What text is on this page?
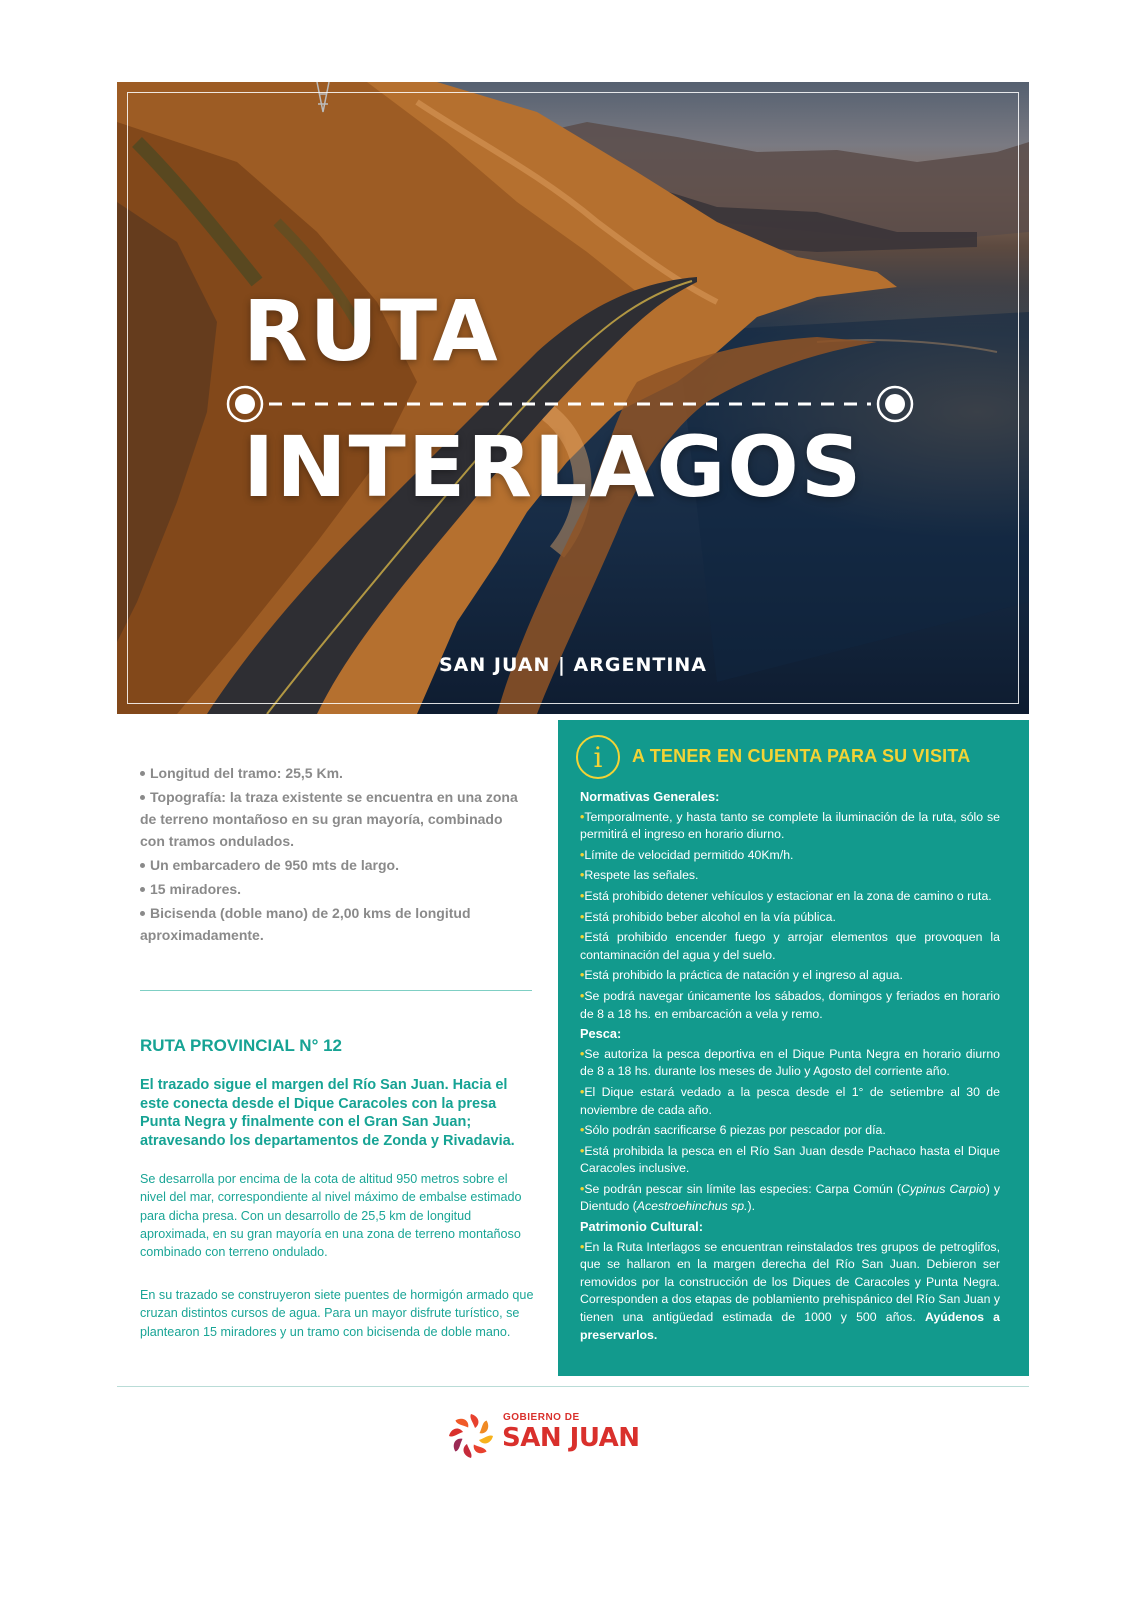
RUTA
INTERLAGOS
SAN JUAN | ARGENTINA
Longitud del tramo: 25,5 Km.
Topografía: la traza existente se encuentra en una zona de terreno montañoso en su gran mayoría, combinado con tramos ondulados.
Un embarcadero de 950 mts de largo.
15 miradores.
Bicisenda (doble mano) de 2,00 kms de longitud aproximadamente.
RUTA PROVINCIAL N° 12

El trazado sigue el margen del Río San Juan. Hacia el este conecta desde el Dique Caracoles con la presa Punta Negra y finalmente con el Gran San Juan; atravesando los departamentos de Zonda y Rivadavia.

Se desarrolla por encima de la cota de altitud 950 metros sobre el nivel del mar, correspondiente al nivel máximo de embalse estimado para dicha presa. Con un desarrollo de 25,5 km de longitud aproximada, en su gran mayoría en una zona de terreno montañoso combinado con terreno ondulado.

En su trazado se construyeron siete puentes de hormigón armado que cruzan distintos cursos de agua. Para un mayor disfrute turístico, se plantearon 15 miradores y un tramo con bicisenda de doble mano.

i	A TENER EN CUENTA PARA SU VISITA
Normativas Generales:
•Temporalmente, y hasta tanto se complete la iluminación de la ruta, sólo se permitirá el ingreso en horario diurno.
•Límite de velocidad permitido 40Km/h.
•Respete las señales.
•Está prohibido detener vehículos y estacionar en la zona de camino o ruta.
•Está prohibido beber alcohol en la vía pública.
•Está prohibido encender fuego y arrojar elementos que provoquen la contaminación del agua y del suelo.
•Está prohibido la práctica de natación y el ingreso al agua.
•Se podrá navegar únicamente los sábados, domingos y feriados en horario de 8 a 18 hs. en embarcación a vela y remo.
Pesca:
•Se autoriza la pesca deportiva en el Dique Punta Negra en horario diurno de 8 a 18 hs. durante los meses de Julio y Agosto del corriente año.
•El Dique estará vedado a la pesca desde el 1° de setiembre al 30 de noviembre de cada año.
•Sólo podrán sacrificarse 6 piezas por pescador por día.
•Está prohibida la pesca en el Río San Juan desde Pachaco hasta el Dique Caracoles inclusive.
•Se podrán pescar sin límite las especies: Carpa Común (Cypinus Carpio) y Dientudo (Acestroehinchus sp.).
Patrimonio Cultural:
•En la Ruta Interlagos se encuentran reinstalados tres grupos de petroglifos, que se hallaron en la margen derecha del Río San Juan. Debieron ser removidos por la construcción de los Diques de Caracoles y Punta Negra. Corresponden a dos etapas de poblamiento prehispánico del Río San Juan y tienen una antigüedad estimada de 1000 y 500 años. Ayúdenos a preservarlos.
GOBIERNO DE
SAN JUAN
